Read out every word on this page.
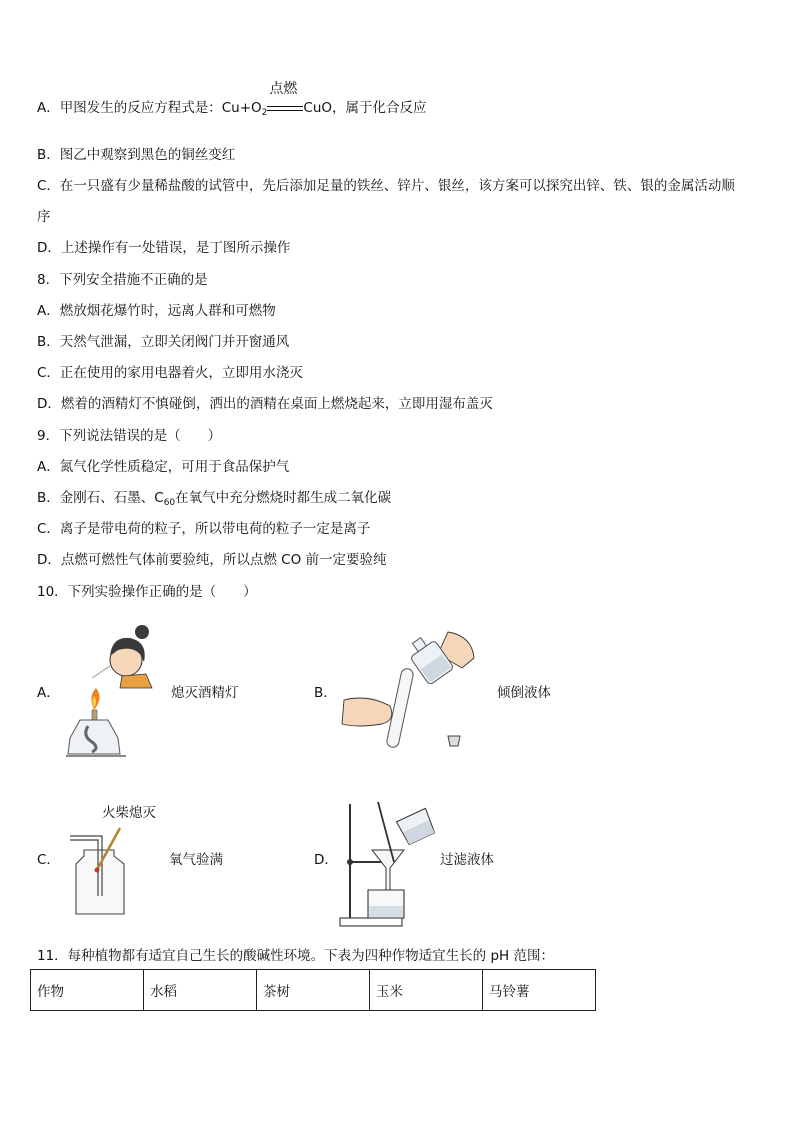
A．甲图发生的反应方程式是：$Cu+O_2$
点燃
CuO，属于化合反应
B．图乙中观察到黑色的铜丝变红
C．在一只盛有少量稀盐酸的试管中，先后添加足量的铁丝、锌片、银丝，该方案可以探究出锌、铁、银的金属活动顺
序
D．上述操作有一处错误，是丁图所示操作
8．下列安全措施不正确的是
A．燃放烟花爆竹时，远离人群和可燃物
B．天然气泄漏，立即关闭阀门并开窗通风
C．正在使用的家用电器着火，立即用水浇灭
D．燃着的酒精灯不慎碰倒，洒出的酒精在桌面上燃烧起来，立即用湿布盖灭
9．下列说法错误的是（　　）
A．氮气化学性质稳定，可用于食品保护气
B．金刚石、石墨、$C_{60}$在氧气中充分燃烧时都生成二氧化碳
C．离子是带电荷的粒子，所以带电荷的粒子一定是离子
D．点燃可燃性气体前要验纯，所以点燃 CO 前一定要验纯
10．下列实验操作正确的是（　　）
A．	熄灭酒精灯	B．	倾倒液体
火柴熄灭
C．	氧气验满	D．	过滤液体
11．每种植物都有适宜自己生长的酸碱性环境。下表为四种作物适宜生长的 pH 范围：
作物	水稻	茶树	玉米	马铃薯
